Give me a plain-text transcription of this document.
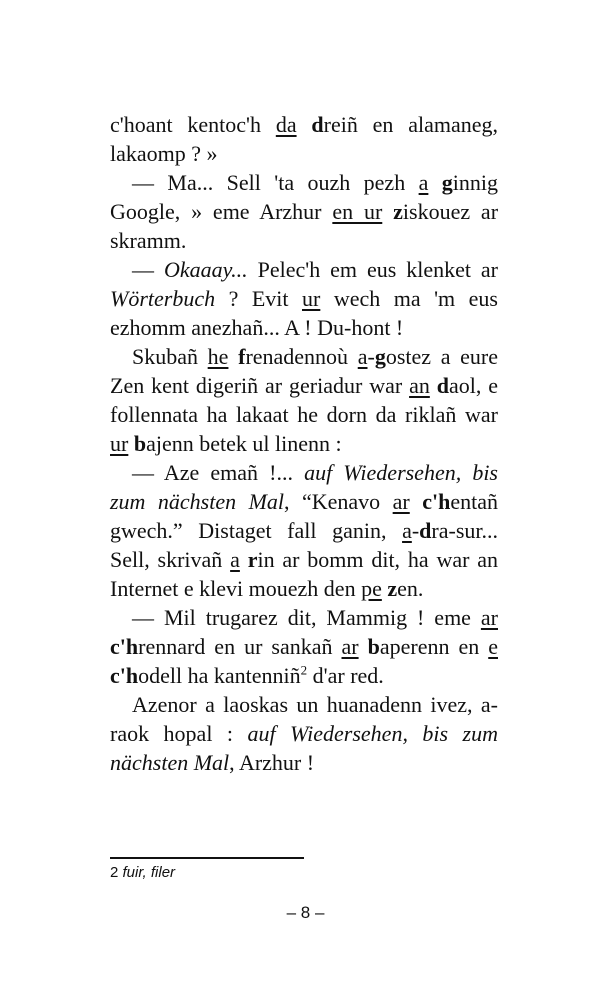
c'hoant kentoc'h da dreiñ en alamaneg, lakaomp ? »

— Ma... Sell 'ta ouzh pezh a ginnig Google, » eme Arzhur en ur ziskouez ar skramm.

— Okaaay... Pelec'h em eus klenket ar Wörterbuch ? Evit ur wech ma 'm eus ezhomm anezhañ... A ! Du-hont !

Skubañ he frenadennoù a-gostez a eure Zen kent digeriñ ar geriadur war an daol, e follennata ha lakaat he dorn da riklañ war ur bajenn betek ul linenn :

— Aze emañ !... auf Wiedersehen, bis zum nächsten Mal, “Kenavo ar c'hentañ gwech.” Distaget fall ganin, a-dra-sur... Sell, skrivañ a rin ar bomm dit, ha war an Internet e klevi mouezh den pe zen.

— Mil trugarez dit, Mammig ! eme ar c'hrennard en ur sankañ ar baperenn en e c'hodell ha kantenniñ$^2$ d'ar red.

Azenor a laoskas un huanadenn ivez, a-raok hopal : auf Wiedersehen, bis zum nächsten Mal, Arzhur !

2 fuir, filer
– 8 –
